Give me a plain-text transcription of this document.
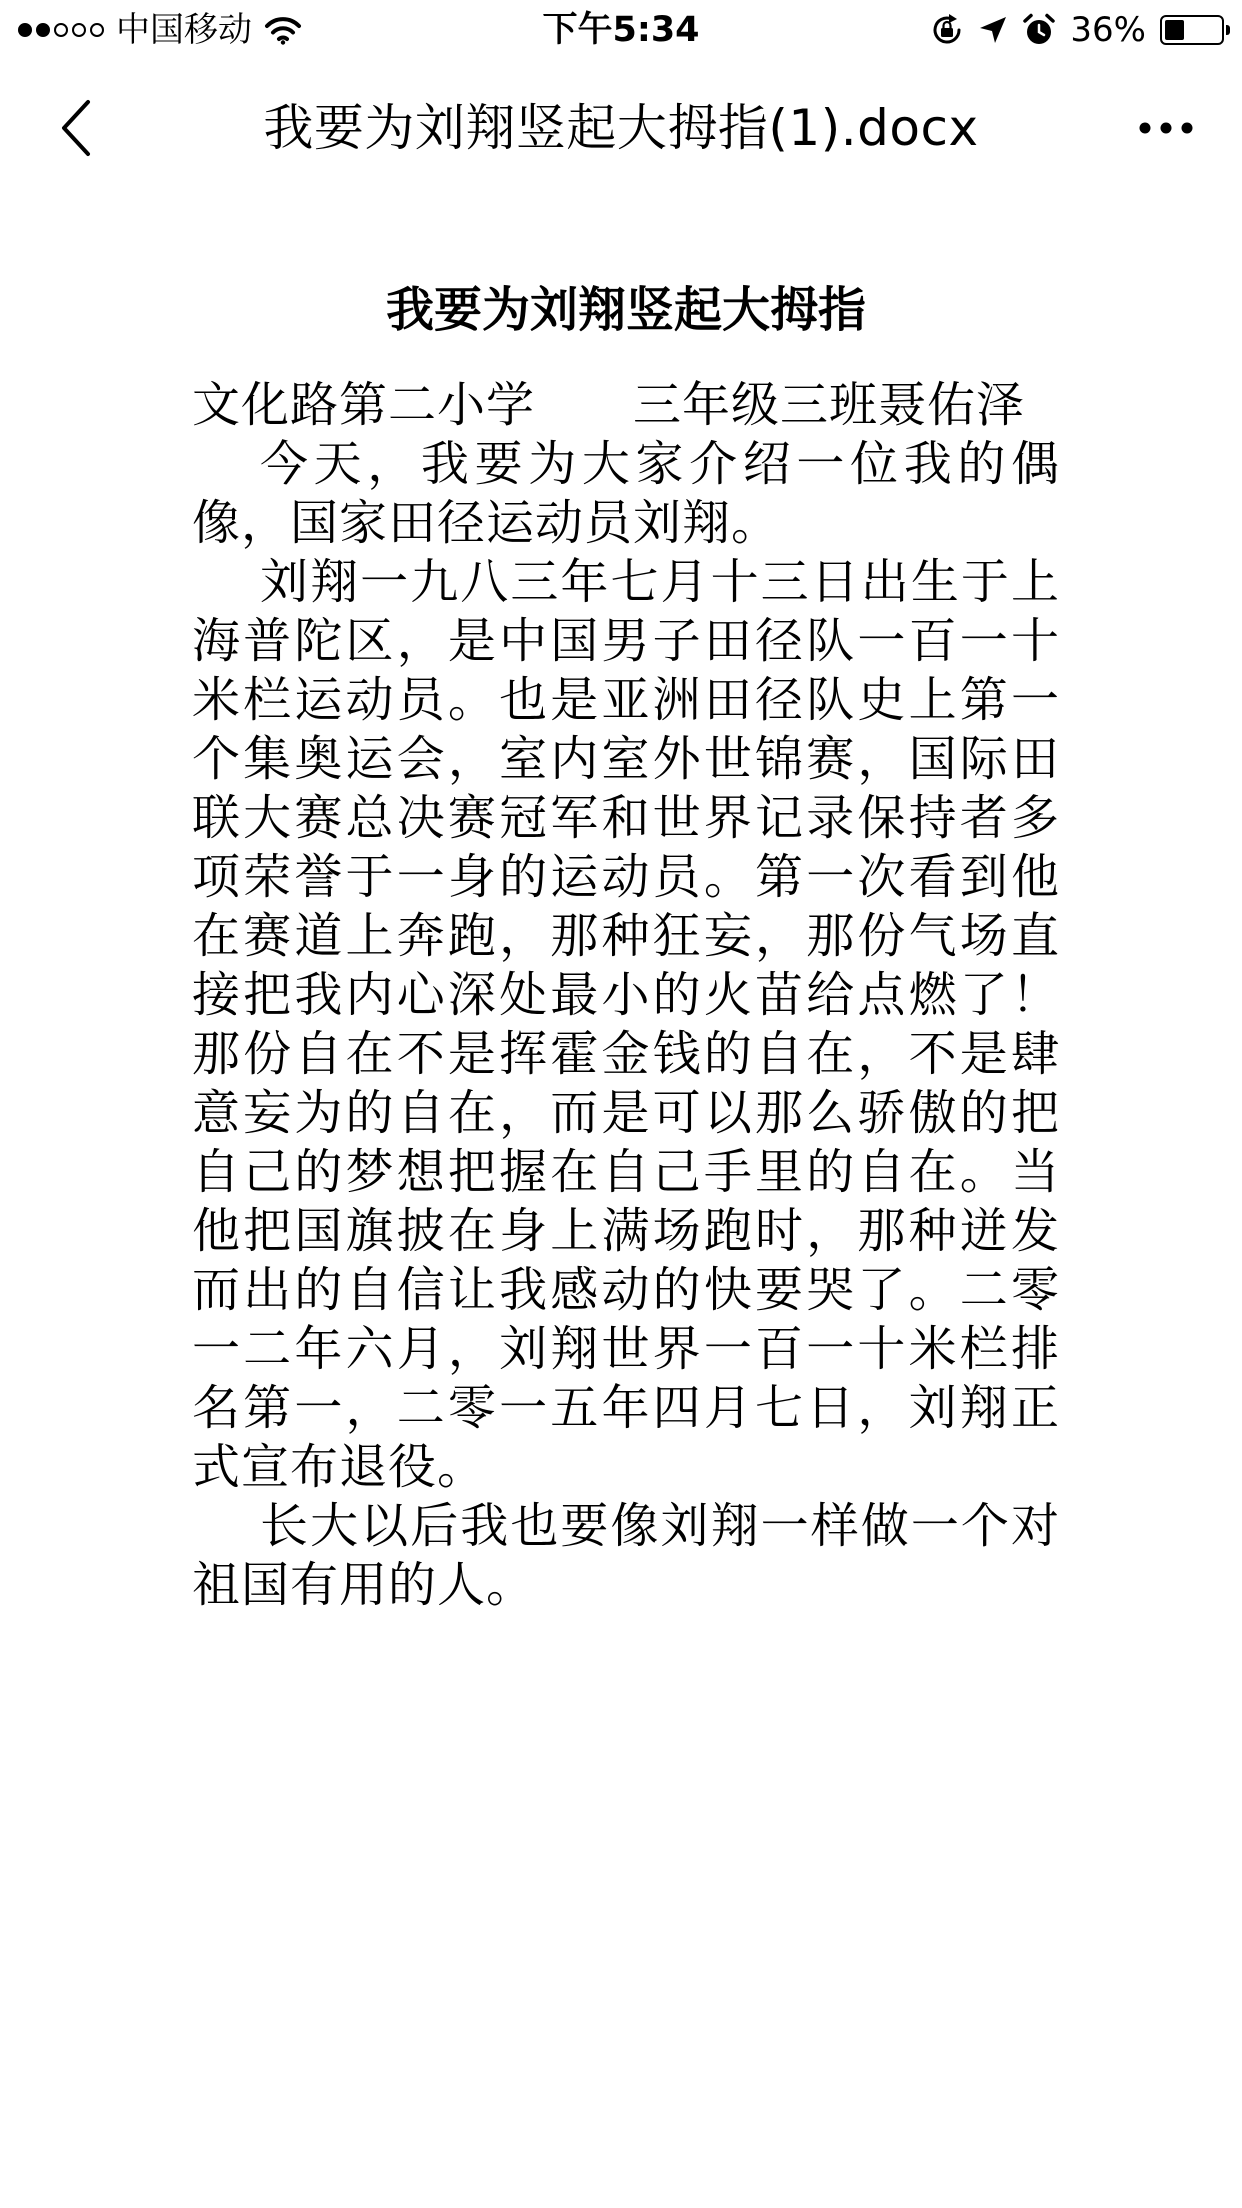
中国移动	下午5:34	36%
我要为刘翔竖起大拇指(1).docx
我要为刘翔竖起大拇指

文化路第二小学　　三年级三班聂佑泽

今天，我要为大家介绍一位我的偶像，国家田径运动员刘翔。

刘翔一九八三年七月十三日出生于上海普陀区，是中国男子田径队一百一十米栏运动员。也是亚洲田径队史上第一个集奥运会，室内室外世锦赛，国际田联大赛总决赛冠军和世界记录保持者多项荣誉于一身的运动员。第一次看到他在赛道上奔跑，那种狂妄，那份气场直接把我内心深处最小的火苗给点燃了！那份自在不是挥霍金钱的自在，不是肆意妄为的自在，而是可以那么骄傲的把自己的梦想把握在自己手里的自在。当他把国旗披在身上满场跑时，那种迸发而出的自信让我感动的快要哭了。二零一二年六月，刘翔世界一百一十米栏排名第一，二零一五年四月七日，刘翔正式宣布退役。

长大以后我也要像刘翔一样做一个对祖国有用的人。
